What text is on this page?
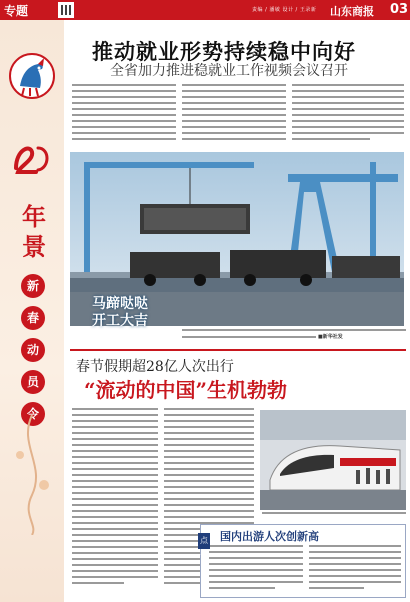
专题	责编 / 潘敏 设计 / 王录新 山东商报 03
年景
新
春
动
员
令
推动就业形势持续稳中向好
全省加力推进稳就业工作视频会议召开
马蹄哒哒
开工大吉
■新华社发
春节假期超28亿人次出行
“流动的中国”生机勃勃
点评
国内出游人次创新高
